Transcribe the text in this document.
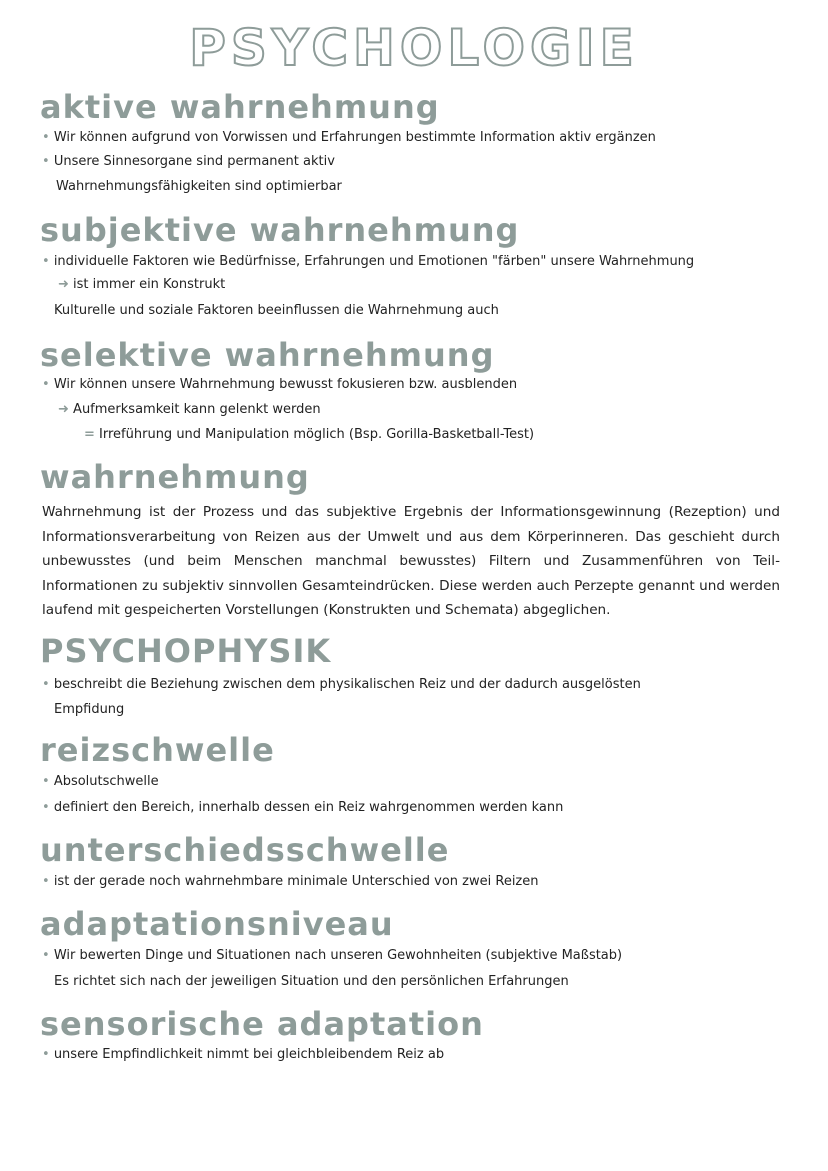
PSYCHOLOGIE
aktive wahrnehmung
• Wir können aufgrund von Vorwissen und Erfahrungen bestimmte Information aktiv ergänzen
• Unsere Sinnesorgane sind permanent aktiv
Wahrnehmungsfähigkeiten sind optimierbar
subjektive wahrnehmung
• individuelle Faktoren wie Bedürfnisse, Erfahrungen und Emotionen "färben" unsere Wahrnehmung
➜ ist immer ein Konstrukt
Kulturelle und soziale Faktoren beeinflussen die Wahrnehmung auch
selektive wahrnehmung
• Wir können unsere Wahrnehmung bewusst fokusieren bzw. ausblenden
➜ Aufmerksamkeit kann gelenkt werden
= Irreführung und Manipulation möglich (Bsp. Gorilla-Basketball-Test)
wahrnehmung
Wahrnehmung ist der Prozess und das subjektive Ergebnis der Informationsgewinnung (Rezeption) und Informationsverarbeitung von Reizen aus der Umwelt und aus dem Körperinneren. Das geschieht durch unbewusstes (und beim Menschen manchmal bewusstes) Filtern und Zusammenführen von Teil-Informationen zu subjektiv sinnvollen Gesamteindrücken. Diese werden auch Perzepte genannt und werden laufend mit gespeicherten Vorstellungen (Konstrukten und Schemata) abgeglichen.
PSYCHOPHYSIK
• beschreibt die Beziehung zwischen dem physikalischen Reiz und der dadurch ausgelösten
Empfidung
reizschwelle
• Absolutschwelle
• definiert den Bereich, innerhalb dessen ein Reiz wahrgenommen werden kann
unterschiedsschwelle
• ist der gerade noch wahrnehmbare minimale Unterschied von zwei Reizen
adaptationsniveau
• Wir bewerten Dinge und Situationen nach unseren Gewohnheiten (subjektive Maßstab)
Es richtet sich nach der jeweiligen Situation und den persönlichen Erfahrungen
sensorische adaptation
• unsere Empfindlichkeit nimmt bei gleichbleibendem Reiz ab
